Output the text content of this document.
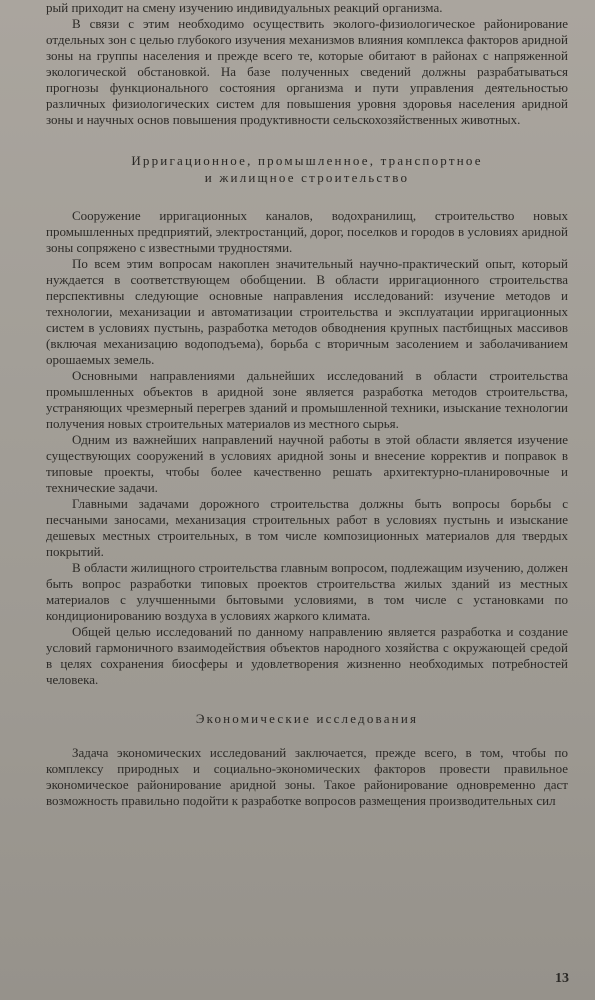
рый приходит на смену изучению индивидуальных реакций организма.

В связи с этим необходимо осуществить эколого-физиологическое районирование отдельных зон с целью глубокого изучения механизмов влияния комплекса факторов аридной зоны на группы населения и прежде всего те, которые обитают в районах с напряженной экологической обстановкой. На базе полученных сведений должны разрабатываться прогнозы функционального состояния организма и пути управления деятельностью различных физиологических систем для повышения уровня здоровья населения аридной зоны и научных основ повышения продуктивности сельскохозяйственных животных.

Ирригационное, промышленное, транспортное
и жилищное строительство

Сооружение ирригационных каналов, водохранилищ, строительство новых промышленных предприятий, электростанций, дорог, поселков и городов в условиях аридной зоны сопряжено с известными трудностями.

По всем этим вопросам накоплен значительный научно-практический опыт, который нуждается в соответствующем обобщении. В области ирригационного строительства перспективны следующие основные направления исследований: изучение методов и технологии, механизации и автоматизации строительства и эксплуатации ирригационных систем в условиях пустынь, разработка методов обводнения крупных пастбищных массивов (включая механизацию водоподъема), борьба с вторичным засолением и заболачиванием орошаемых земель.

Основными направлениями дальнейших исследований в области строительства промышленных объектов в аридной зоне является разработка методов строительства, устраняющих чрезмерный перегрев зданий и промышленной техники, изыскание технологии получения новых строительных материалов из местного сырья.

Одним из важнейших направлений научной работы в этой области является изучение существующих сооружений в условиях аридной зоны и внесение корректив и поправок в типовые проекты, чтобы более качественно решать архитектурно-планировочные и технические задачи.

Главными задачами дорожного строительства должны быть вопросы борьбы с песчаными заносами, механизация строительных работ в условиях пустынь и изыскание дешевых местных строительных, в том числе композиционных материалов для твердых покрытий.

В области жилищного строительства главным вопросом, подлежащим изучению, должен быть вопрос разработки типовых проектов строительства жилых зданий из местных материалов с улучшенными бытовыми условиями, в том числе с установками по кондиционированию воздуха в условиях жаркого климата.

Общей целью исследований по данному направлению является разработка и создание условий гармоничного взаимодействия объектов народного хозяйства с окружающей средой в целях сохранения биосферы и удовлетворения жизненно необходимых потребностей человека.

Экономические исследования

Задача экономических исследований заключается, прежде всего, в том, чтобы по комплексу природных и социально-экономических факторов провести правильное экономическое районирование аридной зоны. Такое районирование одновременно даст возможность правильно подойти к разработке вопросов размещения производительных сил

13
